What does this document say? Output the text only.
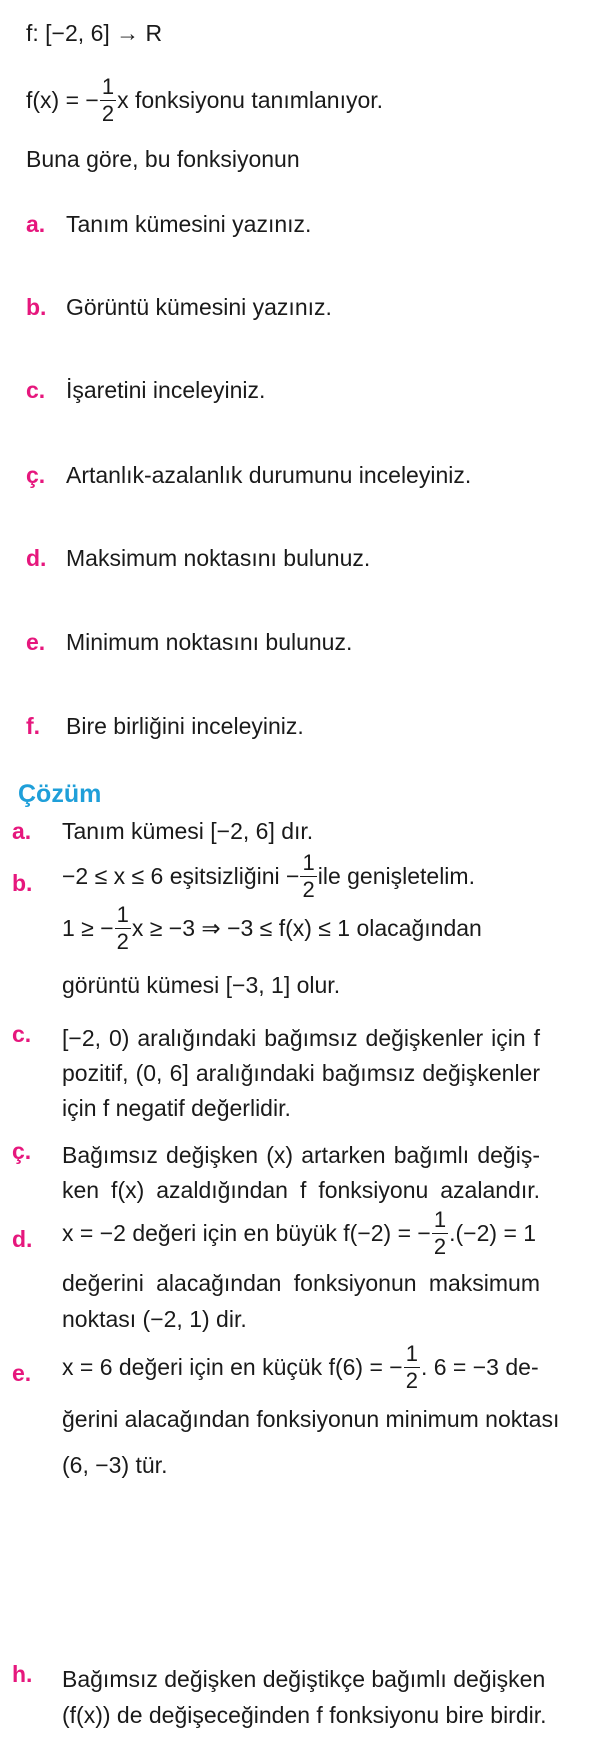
f: [−2, 6] → R
f(x) = − $\frac{1}{2}$ x fonksiyonu tanımlanıyor.
Buna göre, bu fonksiyonun
a. Tanım kümesini yazınız.
b. Görüntü kümesini yazınız.
c. İşaretini inceleyiniz.
ç. Artanlık-azalanlık durumunu inceleyiniz.
d. Maksimum noktasını bulunuz.
e. Minimum noktasını bulunuz.
f. Bire birliğini inceleyiniz.
Çözüm
a. Tanım kümesi [−2, 6] dır.
b. −2 ≤ x ≤ 6 eşitsizliğini − $\frac{1}{2}$ ile genişletelim.
1 ≥ − $\frac{1}{2}$ x ≥ −3 ⇒ −3 ≤ f(x) ≤ 1 olacağından
görüntü kümesi [−3, 1] olur.
c. [−2, 0) aralığındaki bağımsız değişkenler için f
pozitif, (0, 6] aralığındaki bağımsız değişkenler
için f negatif değerlidir.
ç. Bağımsız değişken (x) artarken bağımlı değiş-
ken f(x) azaldığından f fonksiyonu azalandır.
d. x = −2 değeri için en büyük f(−2) = − $\frac{1}{2} .(-2) = 1$
değerini alacağından fonksiyonun maksimum
noktası (−2, 1) dir.
e. x = 6 değeri için en küçük f(6) = − $\frac{1}{2}$ . 6 = −3 de-
ğerini alacağından fonksiyonun minimum noktası
(6, −3) tür.
h. Bağımsız değişken değiştikçe bağımlı değişken
(f(x)) de değişeceğinden f fonksiyonu bire birdir.
